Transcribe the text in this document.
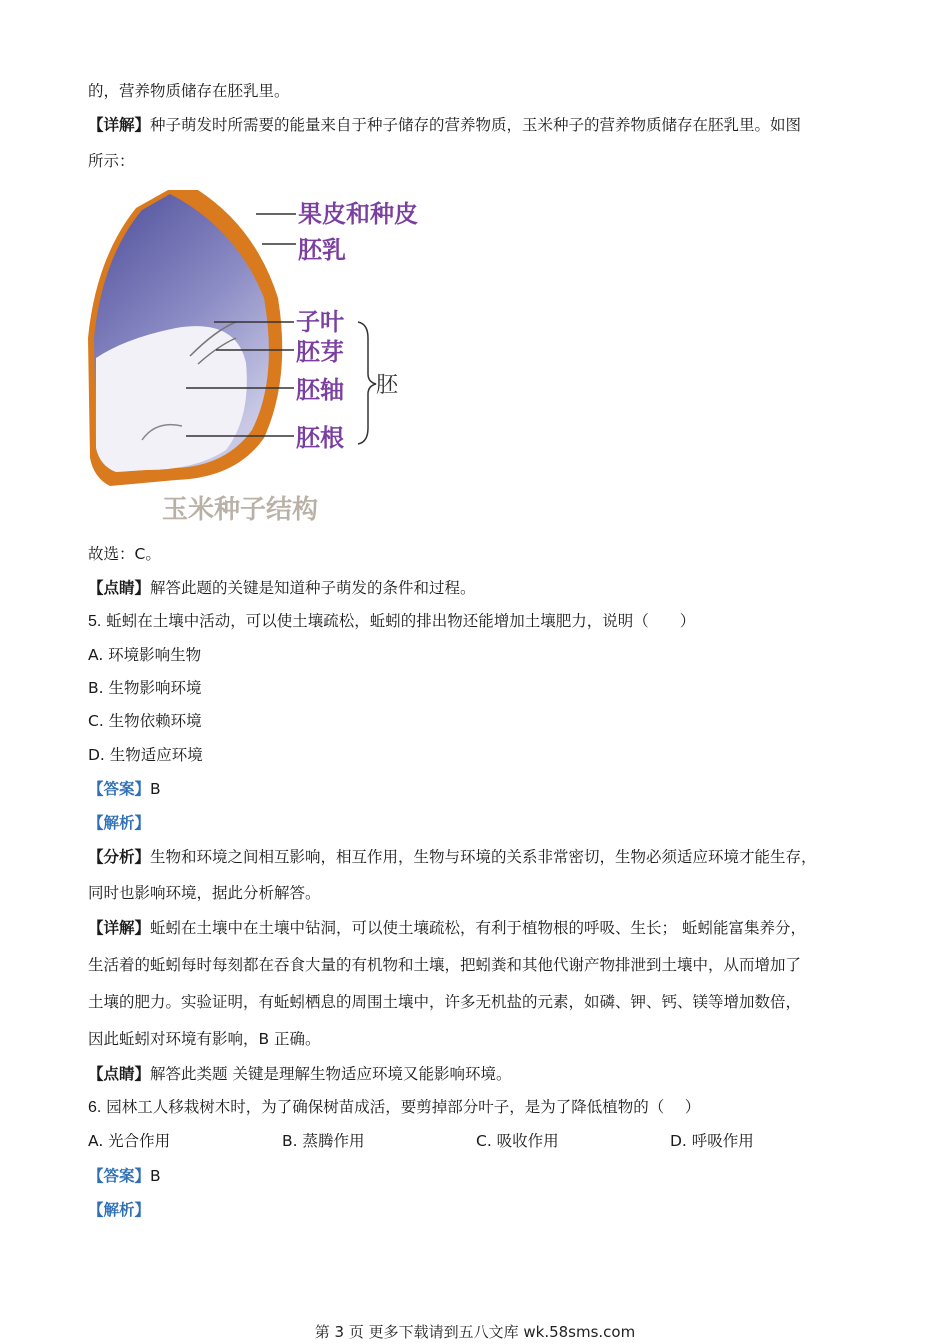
的，营养物质储存在胚乳里。
【详解】种子萌发时所需要的能量来自于种子储存的营养物质，玉米种子的营养物质储存在胚乳里。如图
所示：
果皮和种皮
胚乳
子叶
胚芽
胚轴
胚根
胚
玉米种子结构
故选：C。
【点睛】解答此题的关键是知道种子萌发的条件和过程。
5. 蚯蚓在土壤中活动，可以使土壤疏松，蚯蚓的排出物还能增加土壤肥力，说明（　　）
A. 环境影响生物
B. 生物影响环境
C. 生物依赖环境
D. 生物适应环境
【答案】B
【解析】
【分析】生物和环境之间相互影响，相互作用，生物与环境的关系非常密切，生物必须适应环境才能生存，
同时也影响环境，据此分析解答。
【详解】蚯蚓在土壤中在土壤中钻洞，可以使土壤疏松，有利于植物根的呼吸、生长； 蚯蚓能富集养分，
生活着的蚯蚓每时每刻都在吞食大量的有机物和土壤，把蚓粪和其他代谢产物排泄到土壤中，从而增加了
土壤的肥力。实验证明，有蚯蚓栖息的周围土壤中，许多无机盐的元素，如磷、钾、钙、镁等增加数倍，
因此蚯蚓对环境有影响，B 正确。
【点睛】解答此类题 关键是理解生物适应环境又能影响环境。
6. 园林工人移栽树木时，为了确保树苗成活，要剪掉部分叶子，是为了降低植物的（　 ）
A. 光合作用	B. 蒸腾作用	C. 吸收作用	D. 呼吸作用
【答案】B
【解析】
第 3 页 更多下载请到五八文库 wk.58sms.com
